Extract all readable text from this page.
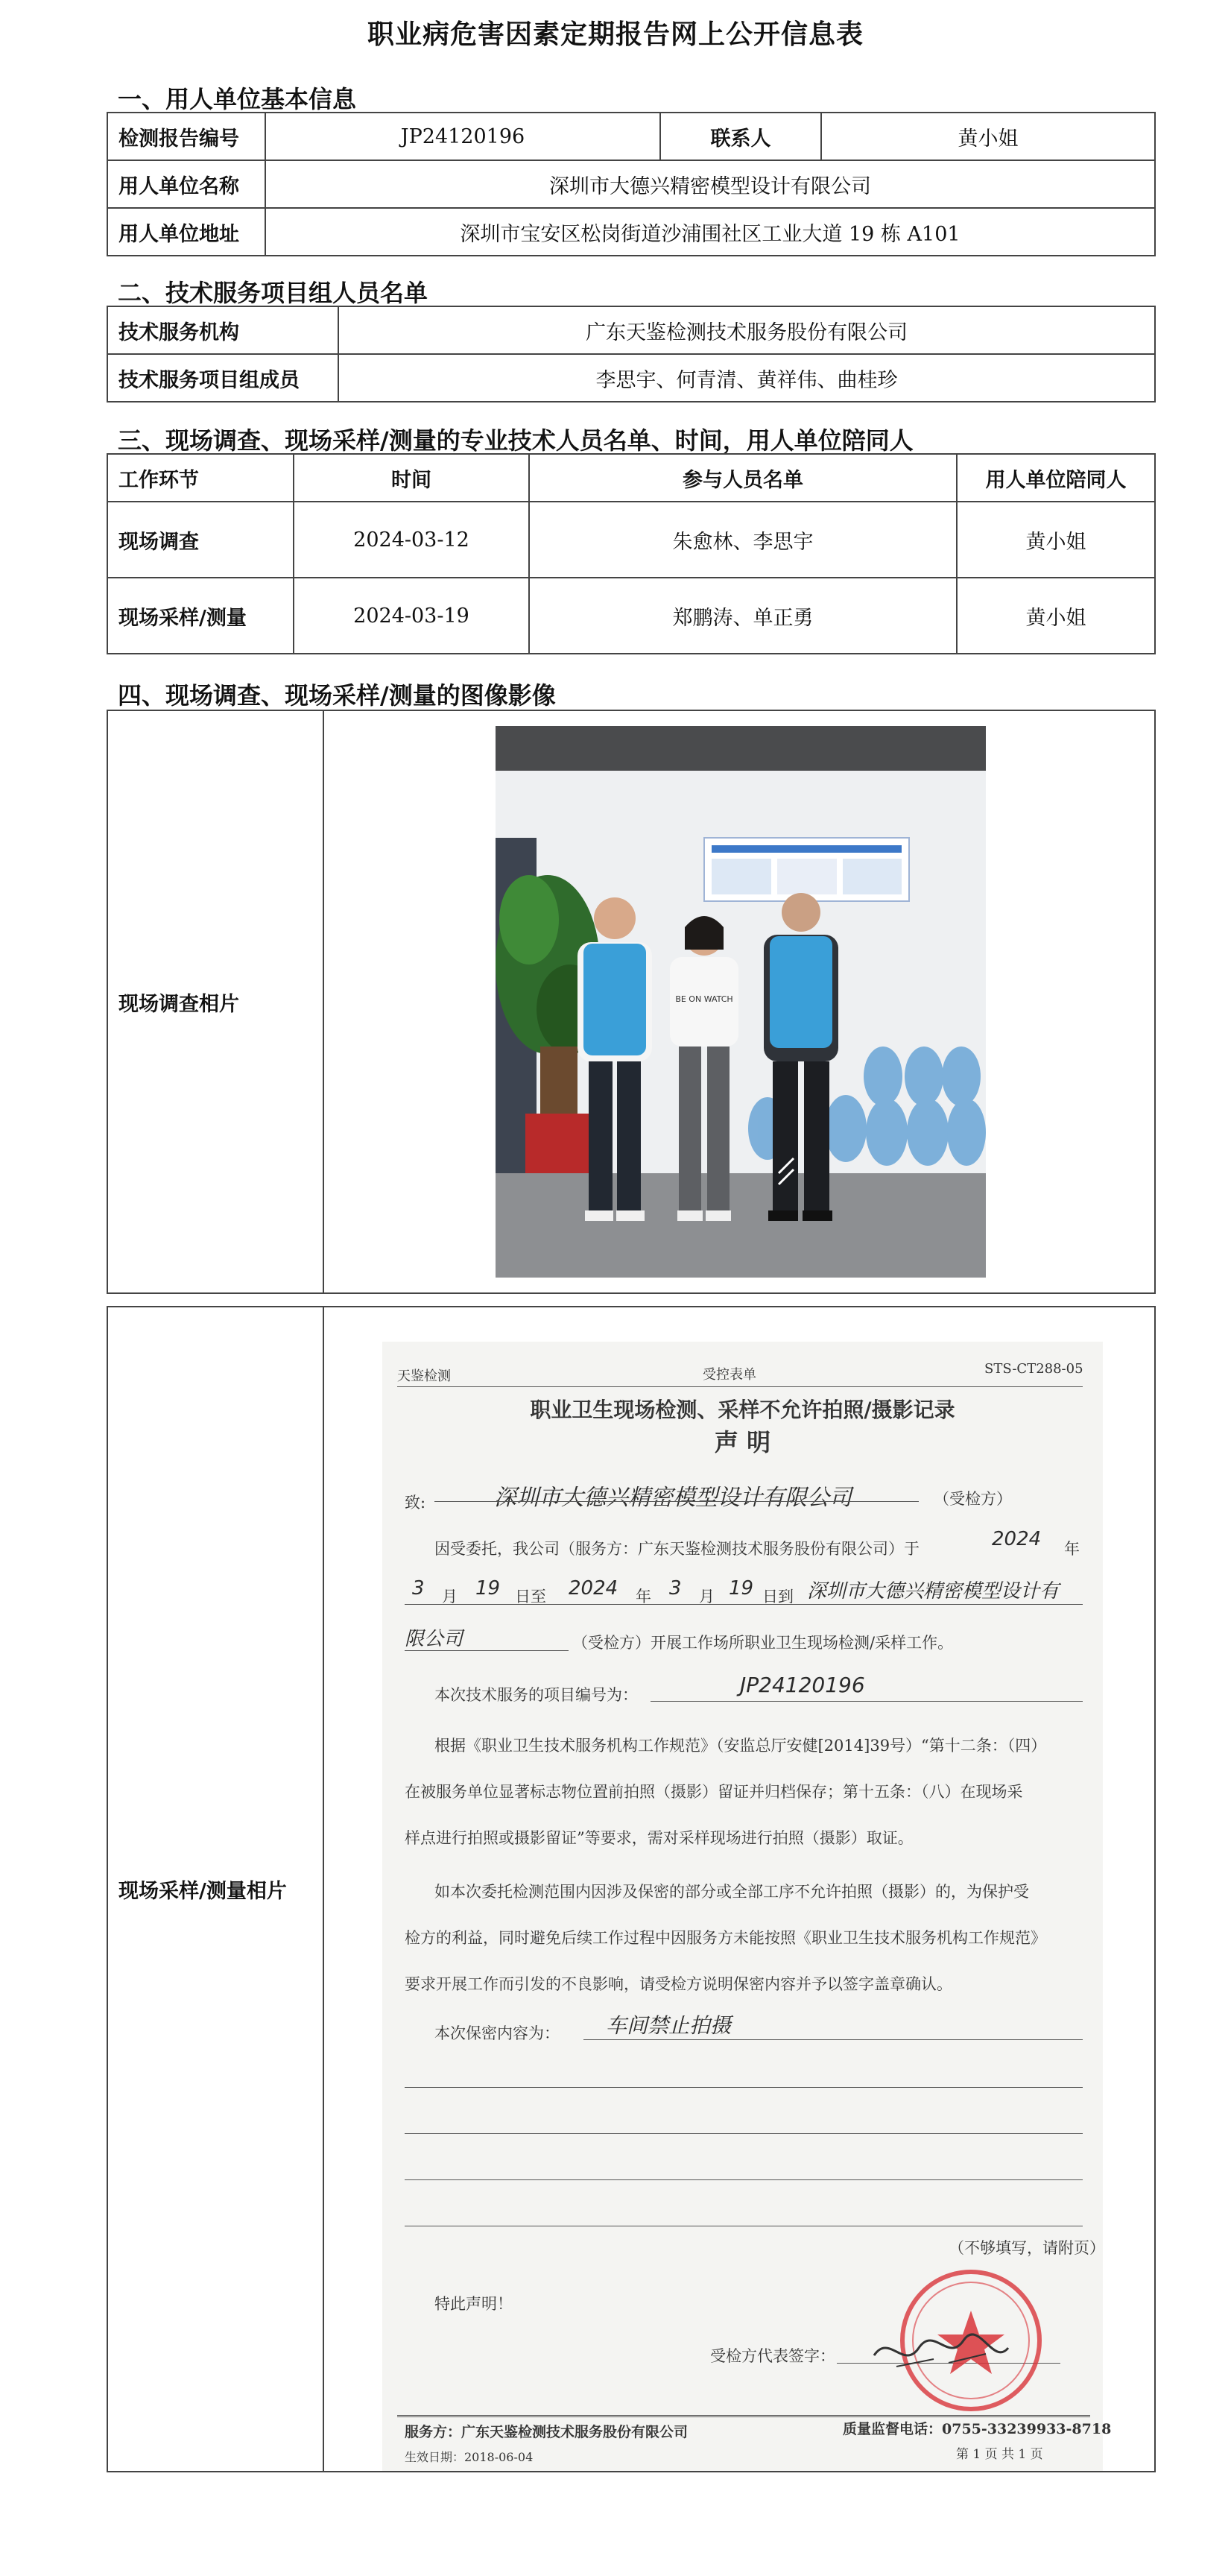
职业病危害因素定期报告网上公开信息表
一、用人单位基本信息
检测报告编号	JP24120196	联系人	黄小姐
用人单位名称	深圳市大德兴精密模型设计有限公司		
用人单位地址	深圳市宝安区松岗街道沙浦围社区工业大道 19 栋 A101		
二、技术服务项目组人员名单
技术服务机构	广东天鉴检测技术服务股份有限公司
技术服务项目组成员	李思宇、何青清、黄祥伟、曲桂珍
三、现场调查、现场采样/测量的专业技术人员名单、时间，用人单位陪同人
工作环节	时间	参与人员名单	用人单位陪同人
现场调查	2024-03-12	朱愈林、李思宇	黄小姐
现场采样/测量	2024-03-19	郑鹏涛、单正勇	黄小姐
四、现场调查、现场采样/测量的图像影像
现场调查相片		BE ON WATCH
现场采样/测量相片	
天鉴检测	受控表单	STS-CT288-05
职业卫生现场检测、采样不允许拍照/摄影记录
声 明
致:	深圳市大德兴精密模型设计有限公司	（受检方）
因受委托，我公司（服务方：广东天鉴检测技术服务股份有限公司）于	2024 年
3 月 19 日至 2024 年 3 月 19 日到 深圳市大德兴精密模型设计有
限公司	（受检方）开展工作场所职业卫生现场检测/采样工作。
本次技术服务的项目编号为：	JP24120196
根据《职业卫生技术服务机构工作规范》（安监总厅安健[2014]39号）“第十二条：（四）
在被服务单位显著标志物位置前拍照（摄影）留证并归档保存；第十五条：（八）在现场采
样点进行拍照或摄影留证”等要求，需对采样现场进行拍照（摄影）取证。
如本次委托检测范围内因涉及保密的部分或全部工序不允许拍照（摄影）的，为保护受
检方的利益，同时避免后续工作过程中因服务方未能按照《职业卫生技术服务机构工作规范》
要求开展工作而引发的不良影响，请受检方说明保密内容并予以签字盖章确认。
本次保密内容为： 车间禁止拍摄
（不够填写，请附页）
特此声明！
受检方代表签字：
服务方：广东天鉴检测技术服务股份有限公司	质量监督电话：0755-33239933-8718
生效日期：2018-06-04	第 1 页 共 1 页
